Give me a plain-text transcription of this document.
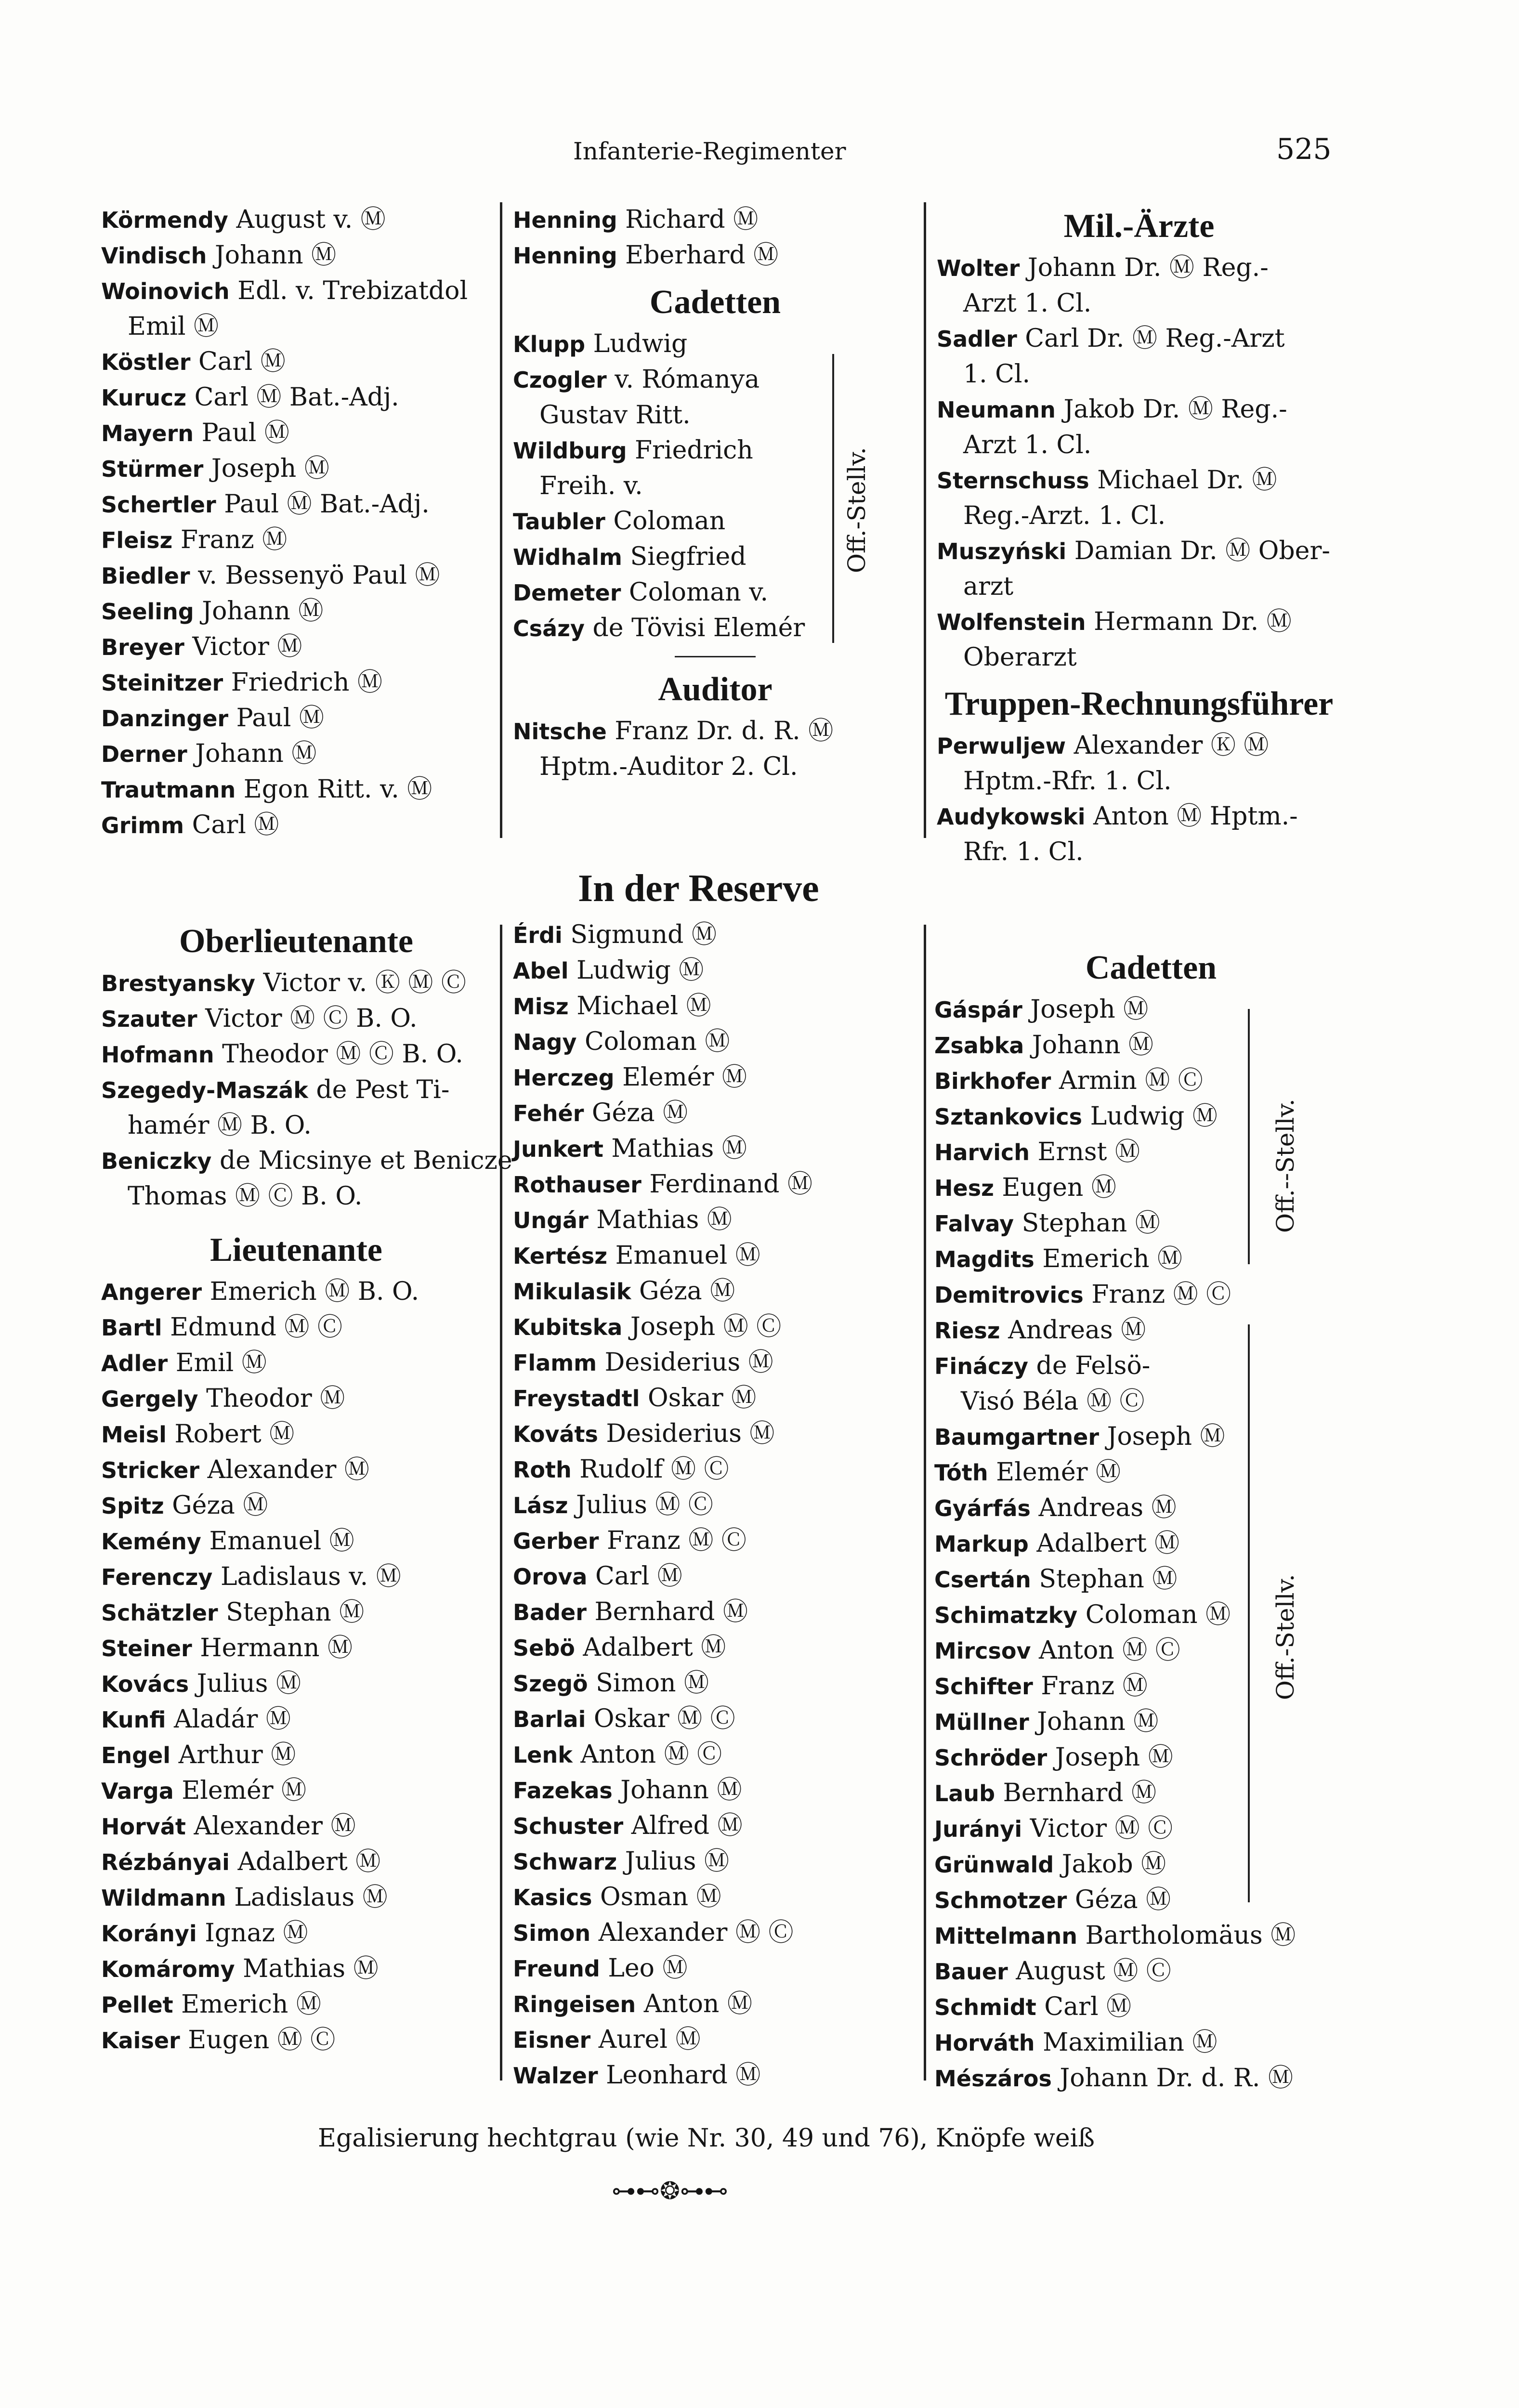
Infanterie-Regimenter	525
Körmendy August v. Ⓜ
Vindisch Johann Ⓜ
Woinovich Edl. v. Trebizatdol
Emil Ⓜ
Köstler Carl Ⓜ
Kurucz Carl Ⓜ Bat.-Adj.
Mayern Paul Ⓜ
Stürmer Joseph Ⓜ
Schertler Paul Ⓜ Bat.-Adj.
Fleisz Franz Ⓜ
Biedler v. Bessenyö Paul Ⓜ
Seeling Johann Ⓜ
Breyer Victor Ⓜ
Steinitzer Friedrich Ⓜ
Danzinger Paul Ⓜ
Derner Johann Ⓜ
Trautmann Egon Ritt. v. Ⓜ
Grimm Carl Ⓜ
Henning Richard Ⓜ
Henning Eberhard Ⓜ
Cadetten
Klupp Ludwig
Czogler v. Rómanya
Gustav Ritt.
Wildburg Friedrich
Freih. v.
Taubler Coloman
Widhalm Siegfried
Demeter Coloman v.
Csázy de Tövisi Elemér
Auditor
Nitsche Franz Dr. d. R. Ⓜ
Hptm.-Auditor 2. Cl.
Off.-Stellv.
Mil.-Ärzte
Wolter Johann Dr. Ⓜ Reg.-
Arzt 1. Cl.
Sadler Carl Dr. Ⓜ Reg.-Arzt
1. Cl.
Neumann Jakob Dr. Ⓜ Reg.-
Arzt 1. Cl.
Sternschuss Michael Dr. Ⓜ
Reg.-Arzt. 1. Cl.
Muszyński Damian Dr. Ⓜ Ober-
arzt
Wolfenstein Hermann Dr. Ⓜ
Oberarzt
Truppen-Rechnungsführer
Perwuljew Alexander Ⓚ Ⓜ
Hptm.-Rfr. 1. Cl.
Audykowski Anton Ⓜ Hptm.-
Rfr. 1. Cl.
In der Reserve
Oberlieutenante
Brestyansky Victor v. Ⓚ Ⓜ Ⓒ
Szauter Victor Ⓜ Ⓒ B. O.
Hofmann Theodor Ⓜ Ⓒ B. O.
Szegedy-Maszák de Pest Ti-
hamér Ⓜ B. O.
Beniczky de Micsinye et Benicze
Thomas Ⓜ Ⓒ B. O.
Lieutenante
Angerer Emerich Ⓜ B. O.
Bartl Edmund Ⓜ Ⓒ
Adler Emil Ⓜ
Gergely Theodor Ⓜ
Meisl Robert Ⓜ
Stricker Alexander Ⓜ
Spitz Géza Ⓜ
Kemény Emanuel Ⓜ
Ferenczy Ladislaus v. Ⓜ
Schätzler Stephan Ⓜ
Steiner Hermann Ⓜ
Kovács Julius Ⓜ
Kunfi Aladár Ⓜ
Engel Arthur Ⓜ
Varga Elemér Ⓜ
Horvát Alexander Ⓜ
Rézbányai Adalbert Ⓜ
Wildmann Ladislaus Ⓜ
Korányi Ignaz Ⓜ
Komáromy Mathias Ⓜ
Pellet Emerich Ⓜ
Kaiser Eugen Ⓜ Ⓒ
Érdi Sigmund Ⓜ
Abel Ludwig Ⓜ
Misz Michael Ⓜ
Nagy Coloman Ⓜ
Herczeg Elemér Ⓜ
Fehér Géza Ⓜ
Junkert Mathias Ⓜ
Rothauser Ferdinand Ⓜ
Ungár Mathias Ⓜ
Kertész Emanuel Ⓜ
Mikulasik Géza Ⓜ
Kubitska Joseph Ⓜ Ⓒ
Flamm Desiderius Ⓜ
Freystadtl Oskar Ⓜ
Kováts Desiderius Ⓜ
Roth Rudolf Ⓜ Ⓒ
Lász Julius Ⓜ Ⓒ
Gerber Franz Ⓜ Ⓒ
Orova Carl Ⓜ
Bader Bernhard Ⓜ
Sebö Adalbert Ⓜ
Szegö Simon Ⓜ
Barlai Oskar Ⓜ Ⓒ
Lenk Anton Ⓜ Ⓒ
Fazekas Johann Ⓜ
Schuster Alfred Ⓜ
Schwarz Julius Ⓜ
Kasics Osman Ⓜ
Simon Alexander Ⓜ Ⓒ
Freund Leo Ⓜ
Ringeisen Anton Ⓜ
Eisner Aurel Ⓜ
Walzer Leonhard Ⓜ
Cadetten
Gáspár Joseph Ⓜ
Zsabka Johann Ⓜ
Birkhofer Armin Ⓜ Ⓒ
Sztankovics Ludwig Ⓜ
Harvich Ernst Ⓜ
Hesz Eugen Ⓜ
Falvay Stephan Ⓜ
Magdits Emerich Ⓜ
Demitrovics Franz Ⓜ Ⓒ
Riesz Andreas Ⓜ
Fináczy de Felsö-
Visó Béla Ⓜ Ⓒ
Baumgartner Joseph Ⓜ
Tóth Elemér Ⓜ
Gyárfás Andreas Ⓜ
Markup Adalbert Ⓜ
Csertán Stephan Ⓜ
Schimatzky Coloman Ⓜ
Mircsov Anton Ⓜ Ⓒ
Schifter Franz Ⓜ
Müllner Johann Ⓜ
Schröder Joseph Ⓜ
Laub Bernhard Ⓜ
Jurányi Victor Ⓜ Ⓒ
Grünwald Jakob Ⓜ
Schmotzer Géza Ⓜ
Mittelmann Bartholomäus Ⓜ
Bauer August Ⓜ Ⓒ
Schmidt Carl Ⓜ
Horváth Maximilian Ⓜ
Mészáros Johann Dr. d. R. Ⓜ
Off.--Stellv.
Off.-Stellv.
Egalisierung hechtgrau (wie Nr. 30, 49 und 76), Knöpfe weiß
⊶⊷❂⊶⊷
